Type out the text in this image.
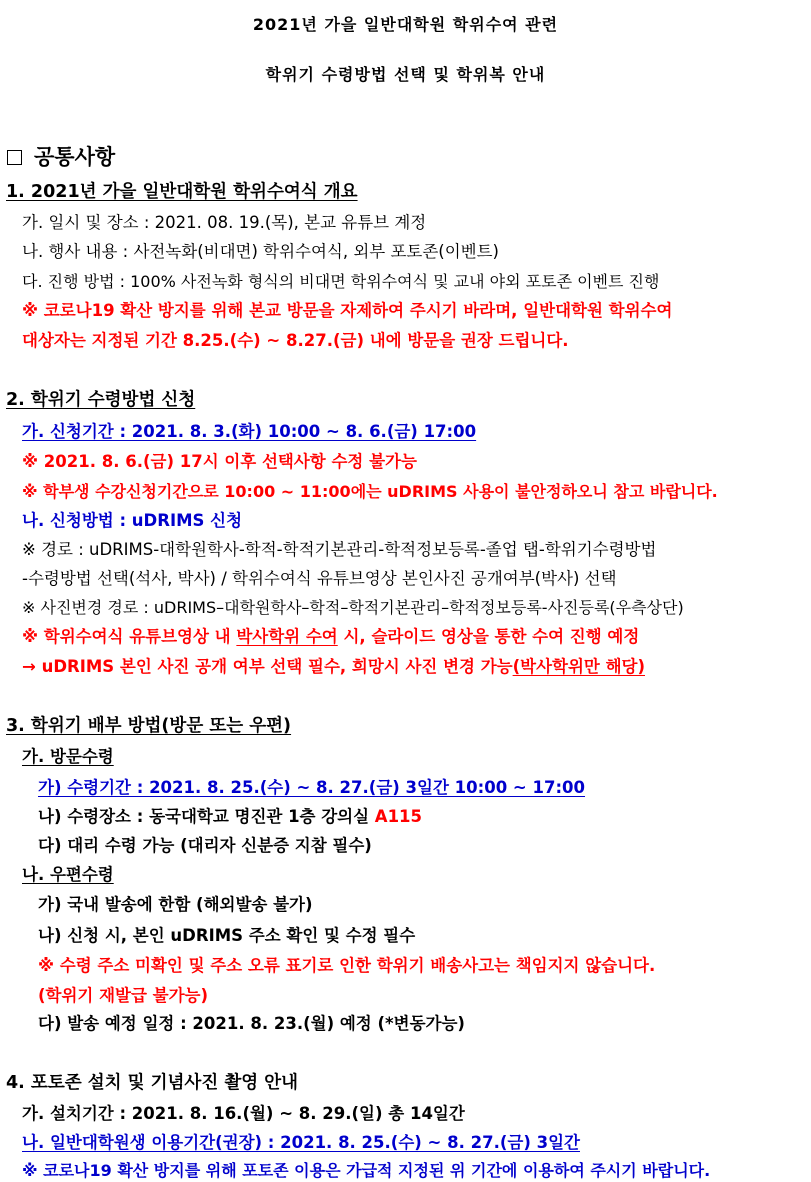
2021년 가을 일반대학원 학위수여 관련
학위기 수령방법 선택 및 학위복 안내
공통사항
1. 2021년 가을 일반대학원 학위수여식 개요
가. 일시 및 장소 : 2021. 08. 19.(목), 본교 유튜브 계정
나. 행사 내용 : 사전녹화(비대면) 학위수여식, 외부 포토존(이벤트)
다. 진행 방법 : 100% 사전녹화 형식의 비대면 학위수여식 및 교내 야외 포토존 이벤트 진행
※ 코로나19 확산 방지를 위해 본교 방문을 자제하여 주시기 바라며, 일반대학원 학위수여
대상자는 지정된 기간 8.25.(수) ~ 8.27.(금) 내에 방문을 권장 드립니다.
2. 학위기 수령방법 신청
가. 신청기간 : 2021. 8. 3.(화) 10:00 ~ 8. 6.(금) 17:00
※ 2021. 8. 6.(금) 17시 이후 선택사항 수정 불가능
※ 학부생 수강신청기간으로 10:00 ~ 11:00에는 uDRIMS 사용이 불안정하오니 참고 바랍니다.
나. 신청방법 : uDRIMS 신청
※ 경로 : uDRIMS-대학원학사-학적-학적기본관리-학적정보등록-졸업 탭-학위기수령방법
-수령방법 선택(석사, 박사) / 학위수여식 유튜브영상 본인사진 공개여부(박사) 선택
※ 사진변경 경로 : uDRIMS–대학원학사–학적–학적기본관리–학적정보등록-사진등록(우측상단)
※ 학위수여식 유튜브영상 내 박사학위 수여 시, 슬라이드 영상을 통한 수여 진행 예정
→ uDRIMS 본인 사진 공개 여부 선택 필수, 희망시 사진 변경 가능(박사학위만 해당)
3. 학위기 배부 방법(방문 또는 우편)
가. 방문수령
가) 수령기간 : 2021. 8. 25.(수) ~ 8. 27.(금) 3일간 10:00 ~ 17:00
나) 수령장소 : 동국대학교 명진관 1층 강의실 A115
다) 대리 수령 가능 (대리자 신분증 지참 필수)
나. 우편수령
가) 국내 발송에 한함 (해외발송 불가)
나) 신청 시, 본인 uDRIMS 주소 확인 및 수정 필수
※ 수령 주소 미확인 및 주소 오류 표기로 인한 학위기 배송사고는 책임지지 않습니다.
(학위기 재발급 불가능)
다) 발송 예정 일정 : 2021. 8. 23.(월) 예정 (*변동가능)
4. 포토존 설치 및 기념사진 촬영 안내
가. 설치기간 : 2021. 8. 16.(월) ~ 8. 29.(일) 총 14일간
나. 일반대학원생 이용기간(권장) : 2021. 8. 25.(수) ~ 8. 27.(금) 3일간
※ 코로나19 확산 방지를 위해 포토존 이용은 가급적 지정된 위 기간에 이용하여 주시기 바랍니다.
